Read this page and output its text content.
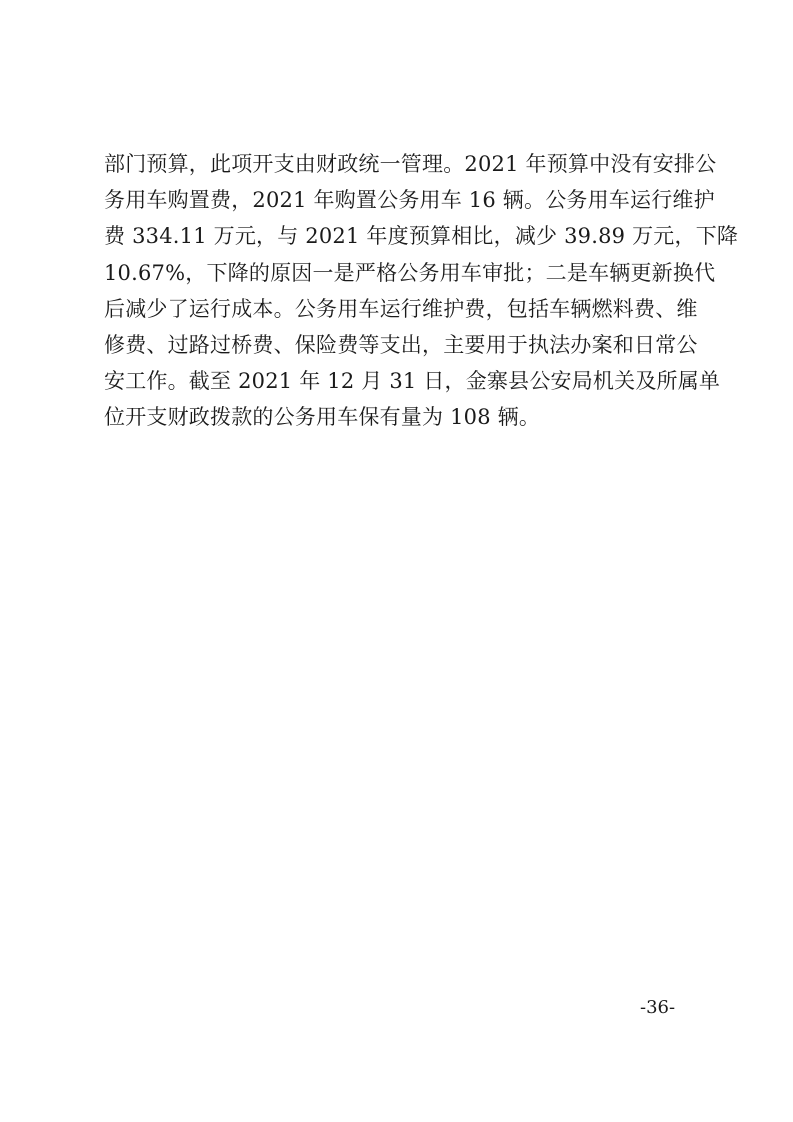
部门预算，此项开支由财政统一管理。2021 年预算中没有安排公
务用车购置费，2021 年购置公务用车 16 辆。公务用车运行维护
费 334.11 万元，与 2021 年度预算相比，减少 39.89 万元，下降
10.67%，下降的原因一是严格公务用车审批；二是车辆更新换代
后减少了运行成本。公务用车运行维护费，包括车辆燃料费、维
修费、过路过桥费、保险费等支出，主要用于执法办案和日常公
安工作。截至 2021 年 12 月 31 日，金寨县公安局机关及所属单
位开支财政拨款的公务用车保有量为 108 辆。
-36-
